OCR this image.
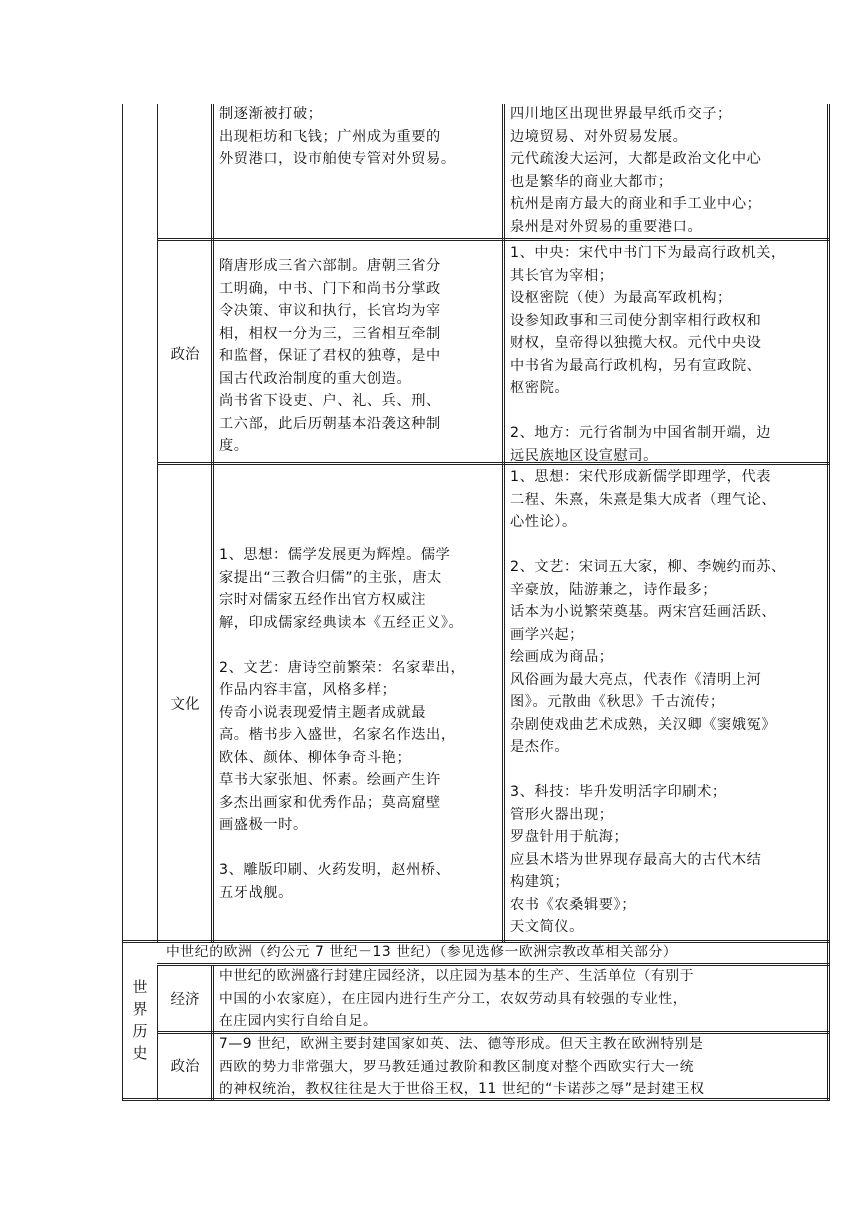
制逐渐被打破；
出现柜坊和飞钱；广州成为重要的
外贸港口，设市舶使专管对外贸易。
四川地区出现世界最早纸币交子；
边境贸易、对外贸易发展。
元代疏浚大运河，大都是政治文化中心
也是繁华的商业大都市；
杭州是南方最大的商业和手工业中心；
泉州是对外贸易的重要港口。
政治
隋唐形成三省六部制。唐朝三省分
工明确，中书、门下和尚书分掌政
令决策、审议和执行，长官均为宰
相，相权一分为三，三省相互牵制
和监督，保证了君权的独尊，是中
国古代政治制度的重大创造。
尚书省下设吏、户、礼、兵、刑、
工六部，此后历朝基本沿袭这种制
度。
1、中央：宋代中书门下为最高行政机关，
其长官为宰相；
设枢密院（使）为最高军政机构；
设参知政事和三司使分割宰相行政权和
财权，皇帝得以独揽大权。元代中央设
中书省为最高行政机构，另有宣政院、
枢密院。

2、地方：元行省制为中国省制开端，边
远民族地区设宣慰司。
文化
1、思想：儒学发展更为辉煌。儒学
家提出“三教合归儒”的主张，唐太
宗时对儒家五经作出官方权威注
解，印成儒家经典读本《五经正义》。

2、文艺：唐诗空前繁荣：名家辈出，
作品内容丰富，风格多样；
传奇小说表现爱情主题者成就最
高。楷书步入盛世，名家名作迭出，
欧体、颜体、柳体争奇斗艳；
草书大家张旭、怀素。绘画产生许
多杰出画家和优秀作品；莫高窟壁
画盛极一时。

3、雕版印刷、火药发明，赵州桥、
五牙战舰。
1、思想：宋代形成新儒学即理学，代表
二程、朱熹，朱熹是集大成者（理气论、
心性论）。

2、文艺：宋词五大家，柳、李婉约而苏、
辛豪放，陆游兼之，诗作最多；
话本为小说繁荣奠基。两宋宫廷画活跃、
画学兴起；
绘画成为商品；
风俗画为最大亮点，代表作《清明上河
图》。元散曲《秋思》千古流传；
杂剧使戏曲艺术成熟，关汉卿《窦娥冤》
是杰作。

3、科技：毕升发明活字印刷术；
管形火器出现；
罗盘针用于航海；
应县木塔为世界现存最高大的古代木结
构建筑；
农书《农桑辑要》；
天文简仪。
世
界
历
史
中世纪的欧洲（约公元 7 世纪－13 世纪）（参见选修一欧洲宗教改革相关部分）
经济
中世纪的欧洲盛行封建庄园经济，以庄园为基本的生产、生活单位（有别于
中国的小农家庭），在庄园内进行生产分工，农奴劳动具有较强的专业性，
在庄园内实行自给自足。
政治
7—9 世纪，欧洲主要封建国家如英、法、德等形成。但天主教在欧洲特别是
西欧的势力非常强大，罗马教廷通过教阶和教区制度对整个西欧实行大一统
的神权统治，教权往往是大于世俗王权，11 世纪的“卡诺莎之辱”是封建王权
